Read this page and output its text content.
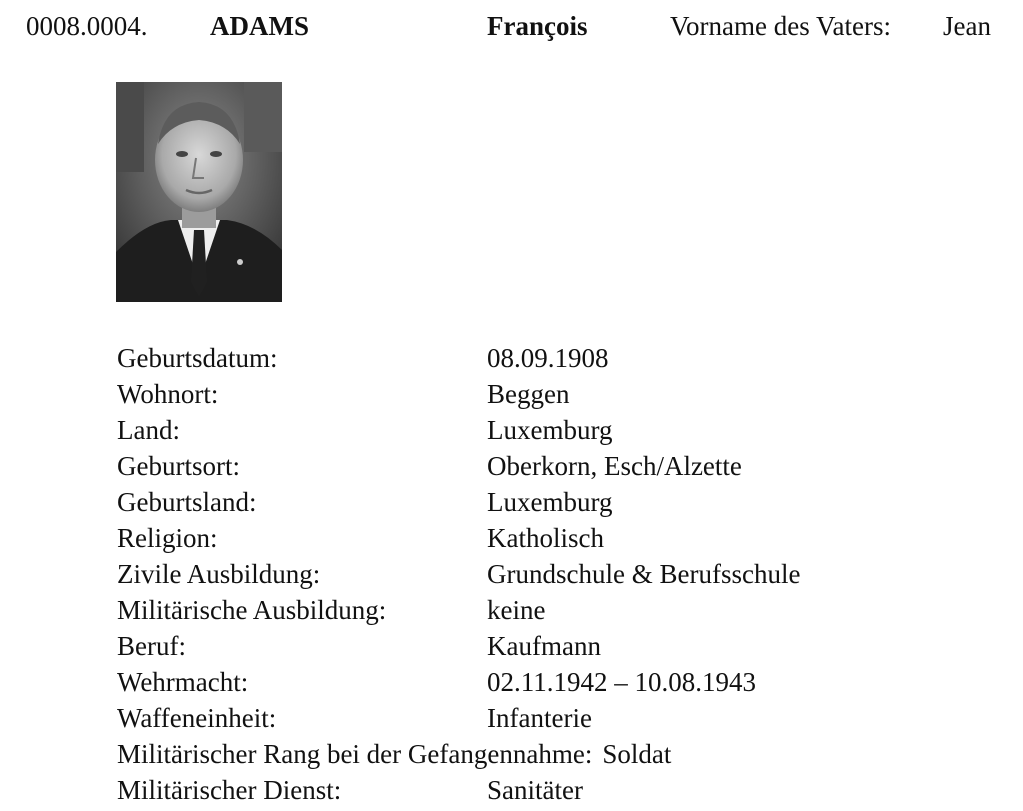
0008.0004. ADAMS	François	Vorname des Vaters: Jean
Geburtsdatum:	08.09.1908
Wohnort:	Beggen
Land:	Luxemburg
Geburtsort:	Oberkorn, Esch/Alzette
Geburtsland:	Luxemburg
Religion:	Katholisch
Zivile Ausbildung:	Grundschule & Berufsschule
Militärische Ausbildung:	keine
Beruf:	Kaufmann
Wehrmacht:	02.11.1942 – 10.08.1943
Waffeneinheit:	Infanterie
Militärischer Rang bei der Gefangennahme: Soldat
Militärischer Dienst:	Sanitäter
